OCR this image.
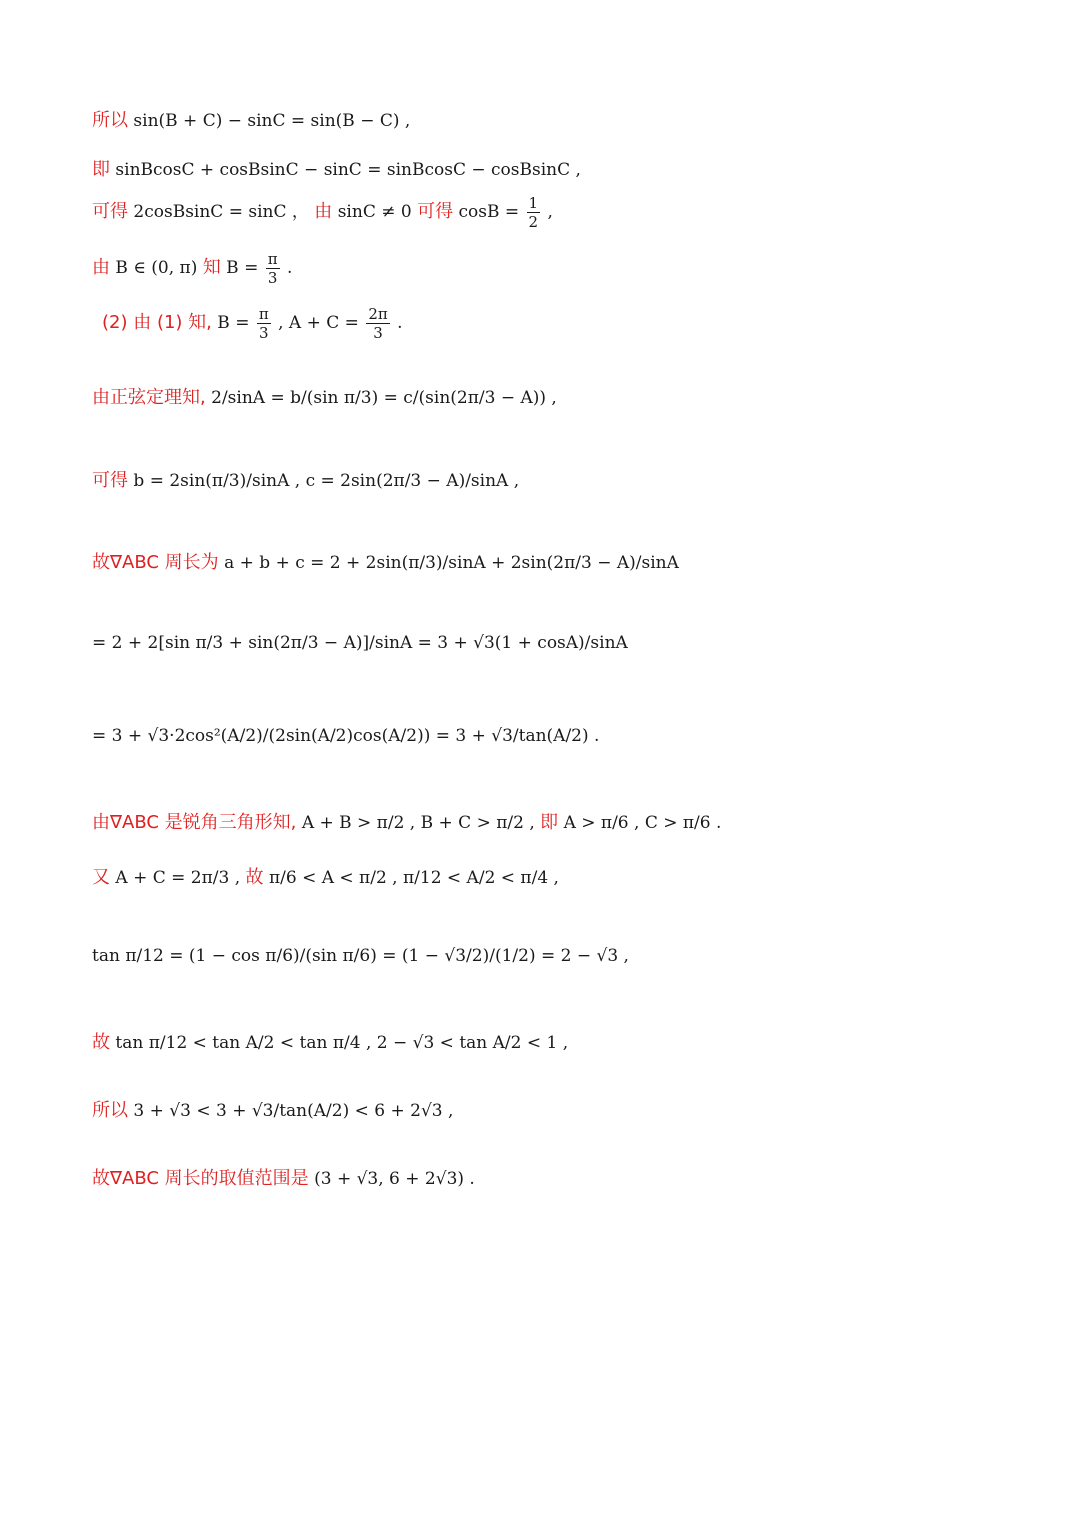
所以 sin(B + C) − sinC = sin(B − C) ,
即 sinBcosC + cosBsinC − sinC = sinBcosC − cosBsinC ,
可得 2cosBsinC = sinC ， 由 sinC ≠ 0 可得 $\cos B = \frac{1}{2}$ ,
由 B ∈ (0, π) 知 $B = \frac{\pi}{3}$ .
(2) 由 (1) 知, $B = \frac{\pi}{3}$ , $A + C = \frac{2\pi}{3}$ .
由正弦定理知, 2/sinA = b/(sin π/3) = c/(sin(2π/3 − A)) ,
可得 b = 2sin(π/3)/sinA , c = 2sin(2π/3 − A)/sinA ,
故∇ABC 周长为 a + b + c = 2 + 2sin(π/3)/sinA + 2sin(2π/3 − A)/sinA
= 2 + 2[sin π/3 + sin(2π/3 − A)]/sinA = 3 + √3(1 + cosA)/sinA
= 3 + √3·2cos²(A/2)/(2sin(A/2)cos(A/2)) = 3 + √3/tan(A/2) .
由∇ABC 是锐角三角形知, A + B > π/2 , B + C > π/2 , 即 A > π/6 , C > π/6 .
又 A + C = 2π/3 , 故 π/6 < A < π/2 , π/12 < A/2 < π/4 ,
tan π/12 = (1 − cos π/6)/(sin π/6) = (1 − √3/2)/(1/2) = 2 − √3 ,
故 tan π/12 < tan A/2 < tan π/4 , 2 − √3 < tan A/2 < 1 ,
所以 3 + √3 < 3 + √3/tan(A/2) < 6 + 2√3 ,
故∇ABC 周长的取值范围是 (3 + √3, 6 + 2√3) .
